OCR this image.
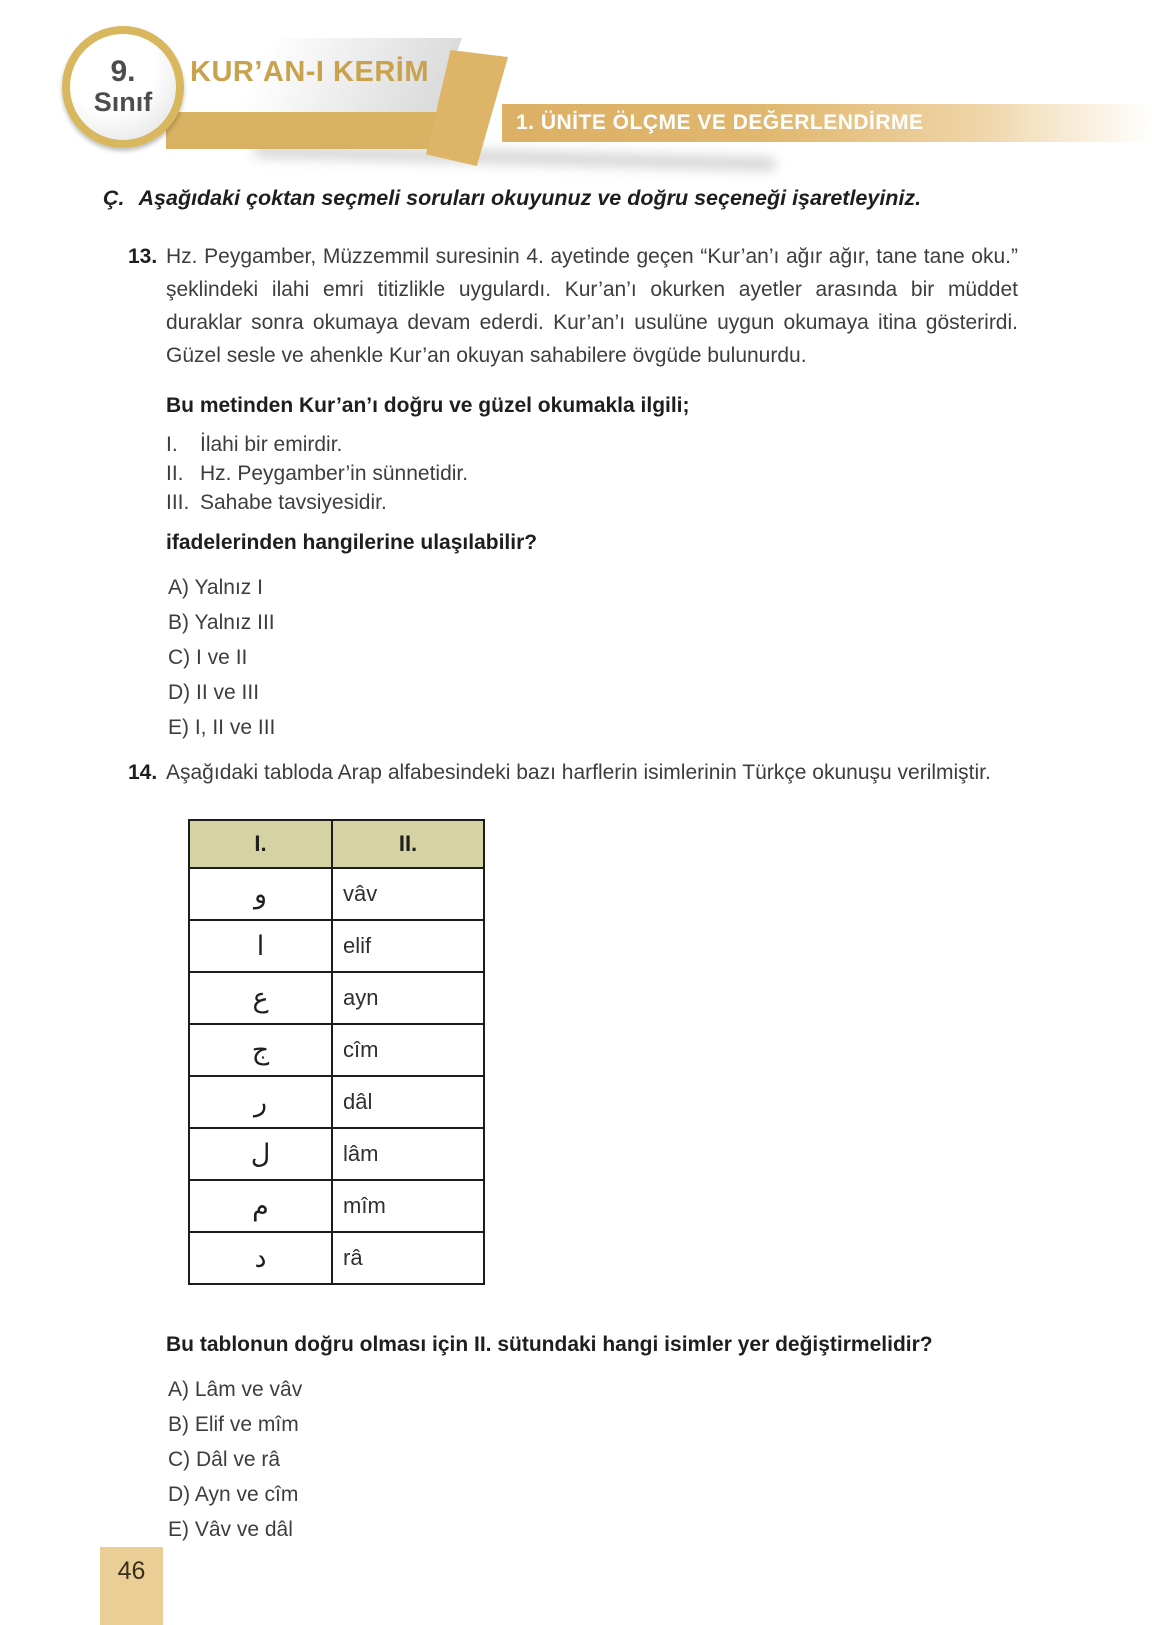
KUR’AN-I KERİM
9.
Sınıf
1. ÜNİTE ÖLÇME VE DEĞERLENDİRME
Ç. Aşağıdaki çoktan seçmeli soruları okuyunuz ve doğru seçeneği işaretleyiniz.
13. Hz. Peygamber, Müzzemmil suresinin 4. ayetinde geçen “Kur’an’ı ağır ağır, tane tane oku.” şeklindeki ilahi emri titizlikle uygulardı. Kur’an’ı okurken ayetler arasında bir müddet duraklar sonra okumaya devam ederdi. Kur’an’ı usulüne uygun okumaya itina gösterirdi. Güzel sesle ve ahenkle Kur’an okuyan sahabilere övgüde bulunurdu.
Bu metinden Kur’an’ı doğru ve güzel okumakla ilgili;
I. İlahi bir emirdir.
II. Hz. Peygamber’in sünnetidir.
III. Sahabe tavsiyesidir.
ifadelerinden hangilerine ulaşılabilir?
A) Yalnız I
B) Yalnız III
C) I ve II
D) II ve III
E) I, II ve III
14. Aşağıdaki tabloda Arap alfabesindeki bazı harflerin isimlerinin Türkçe okunuşu verilmiştir.
I.	II.
و	vâv
ا	elif
ع	ayn
ج	cîm
ر	dâl
ل	lâm
م	mîm
د	râ
Bu tablonun doğru olması için II. sütundaki hangi isimler yer değiştirmelidir?
A) Lâm ve vâv
B) Elif ve mîm
C) Dâl ve râ
D) Ayn ve cîm
E) Vâv ve dâl
46
